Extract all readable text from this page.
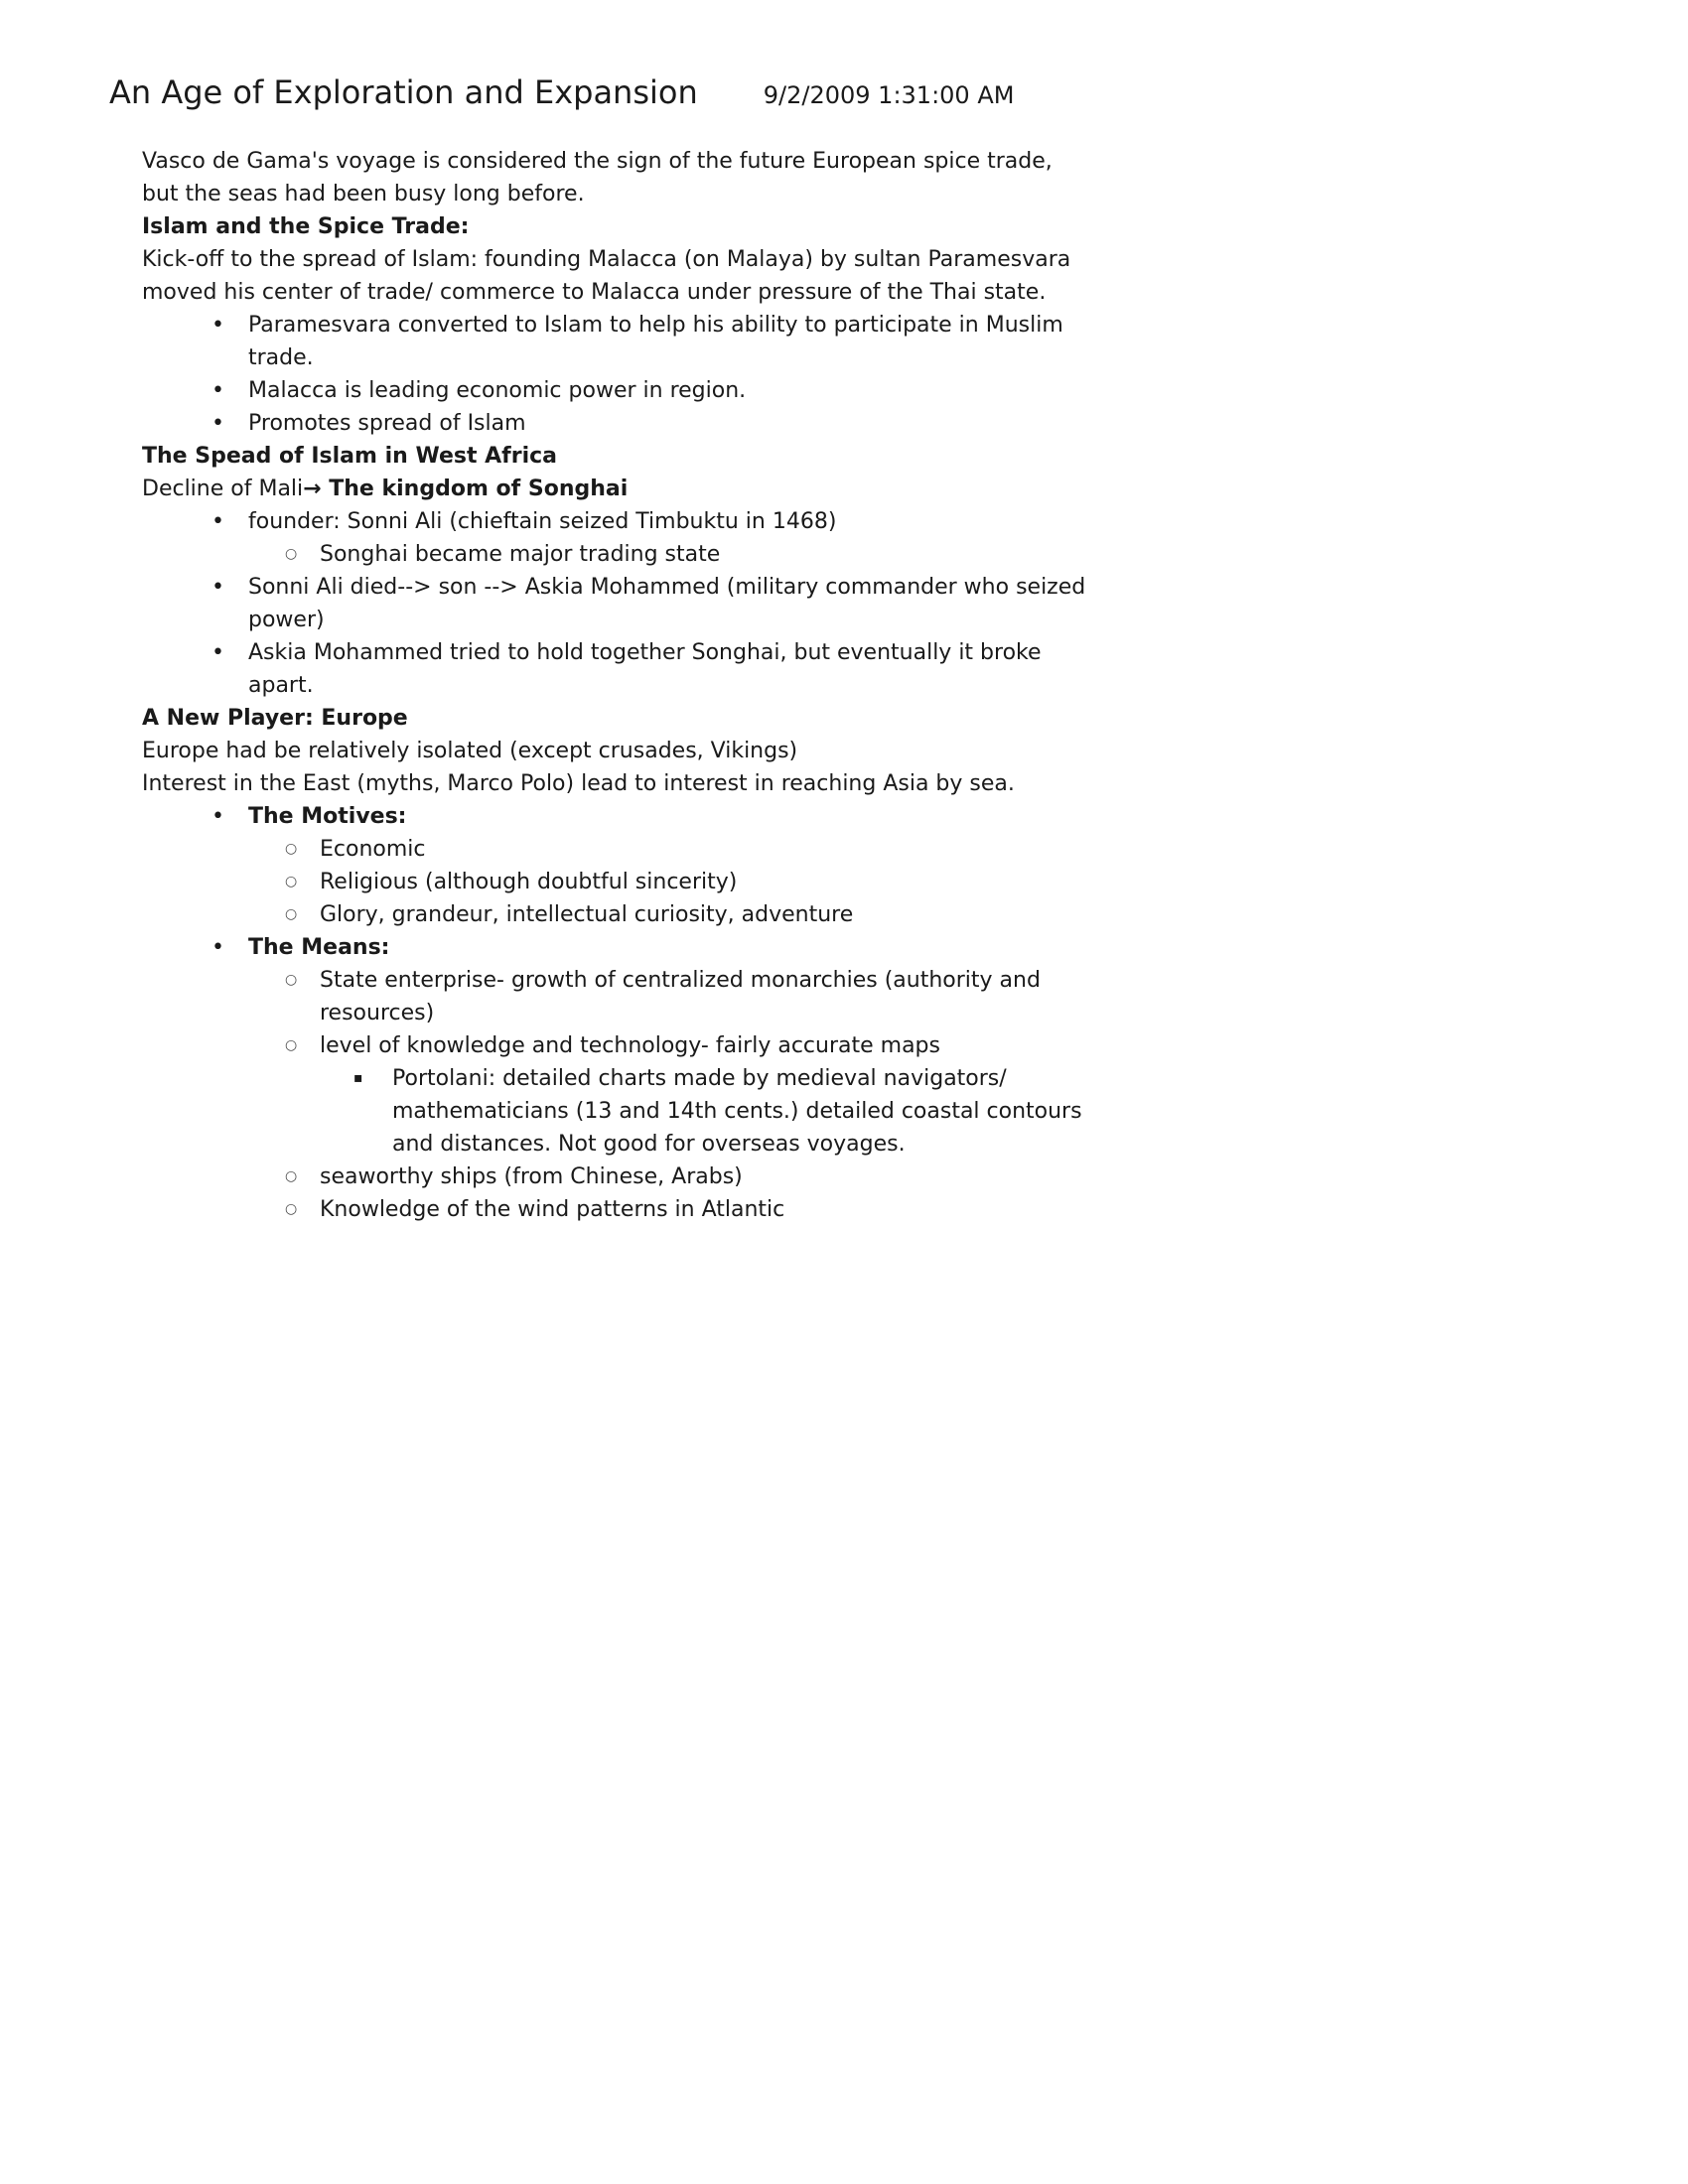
An Age of Exploration and Expansion	9/2/2009 1:31:00 AM
Vasco de Gama's voyage is considered the sign of the future European spice trade, but the seas had been busy long before.
Islam and the Spice Trade:
Kick-off to the spread of Islam: founding Malacca (on Malaya) by sultan Paramesvara moved his center of trade/ commerce to Malacca under pressure of the Thai state.
• Paramesvara converted to Islam to help his ability to participate in Muslim trade.
• Malacca is leading economic power in region.
• Promotes spread of Islam
The Spead of Islam in West Africa
Decline of Mali→ The kingdom of Songhai
• founder: Sonni Ali (chieftain seized Timbuktu in 1468)
○ Songhai became major trading state
• Sonni Ali died--> son --> Askia Mohammed (military commander who seized power)
• Askia Mohammed tried to hold together Songhai, but eventually it broke apart.
A New Player: Europe
Europe had be relatively isolated (except crusades, Vikings)
Interest in the East (myths, Marco Polo) lead to interest in reaching Asia by sea.
• The Motives:
○ Economic
○ Religious (although doubtful sincerity)
○ Glory, grandeur, intellectual curiosity, adventure
• The Means:
○ State enterprise- growth of centralized monarchies (authority and resources)
○ level of knowledge and technology- fairly accurate maps
▪ Portolani: detailed charts made by medieval navigators/ mathematicians (13 and 14th cents.) detailed coastal contours and distances. Not good for overseas voyages.
○ seaworthy ships (from Chinese, Arabs)
○ Knowledge of the wind patterns in Atlantic
